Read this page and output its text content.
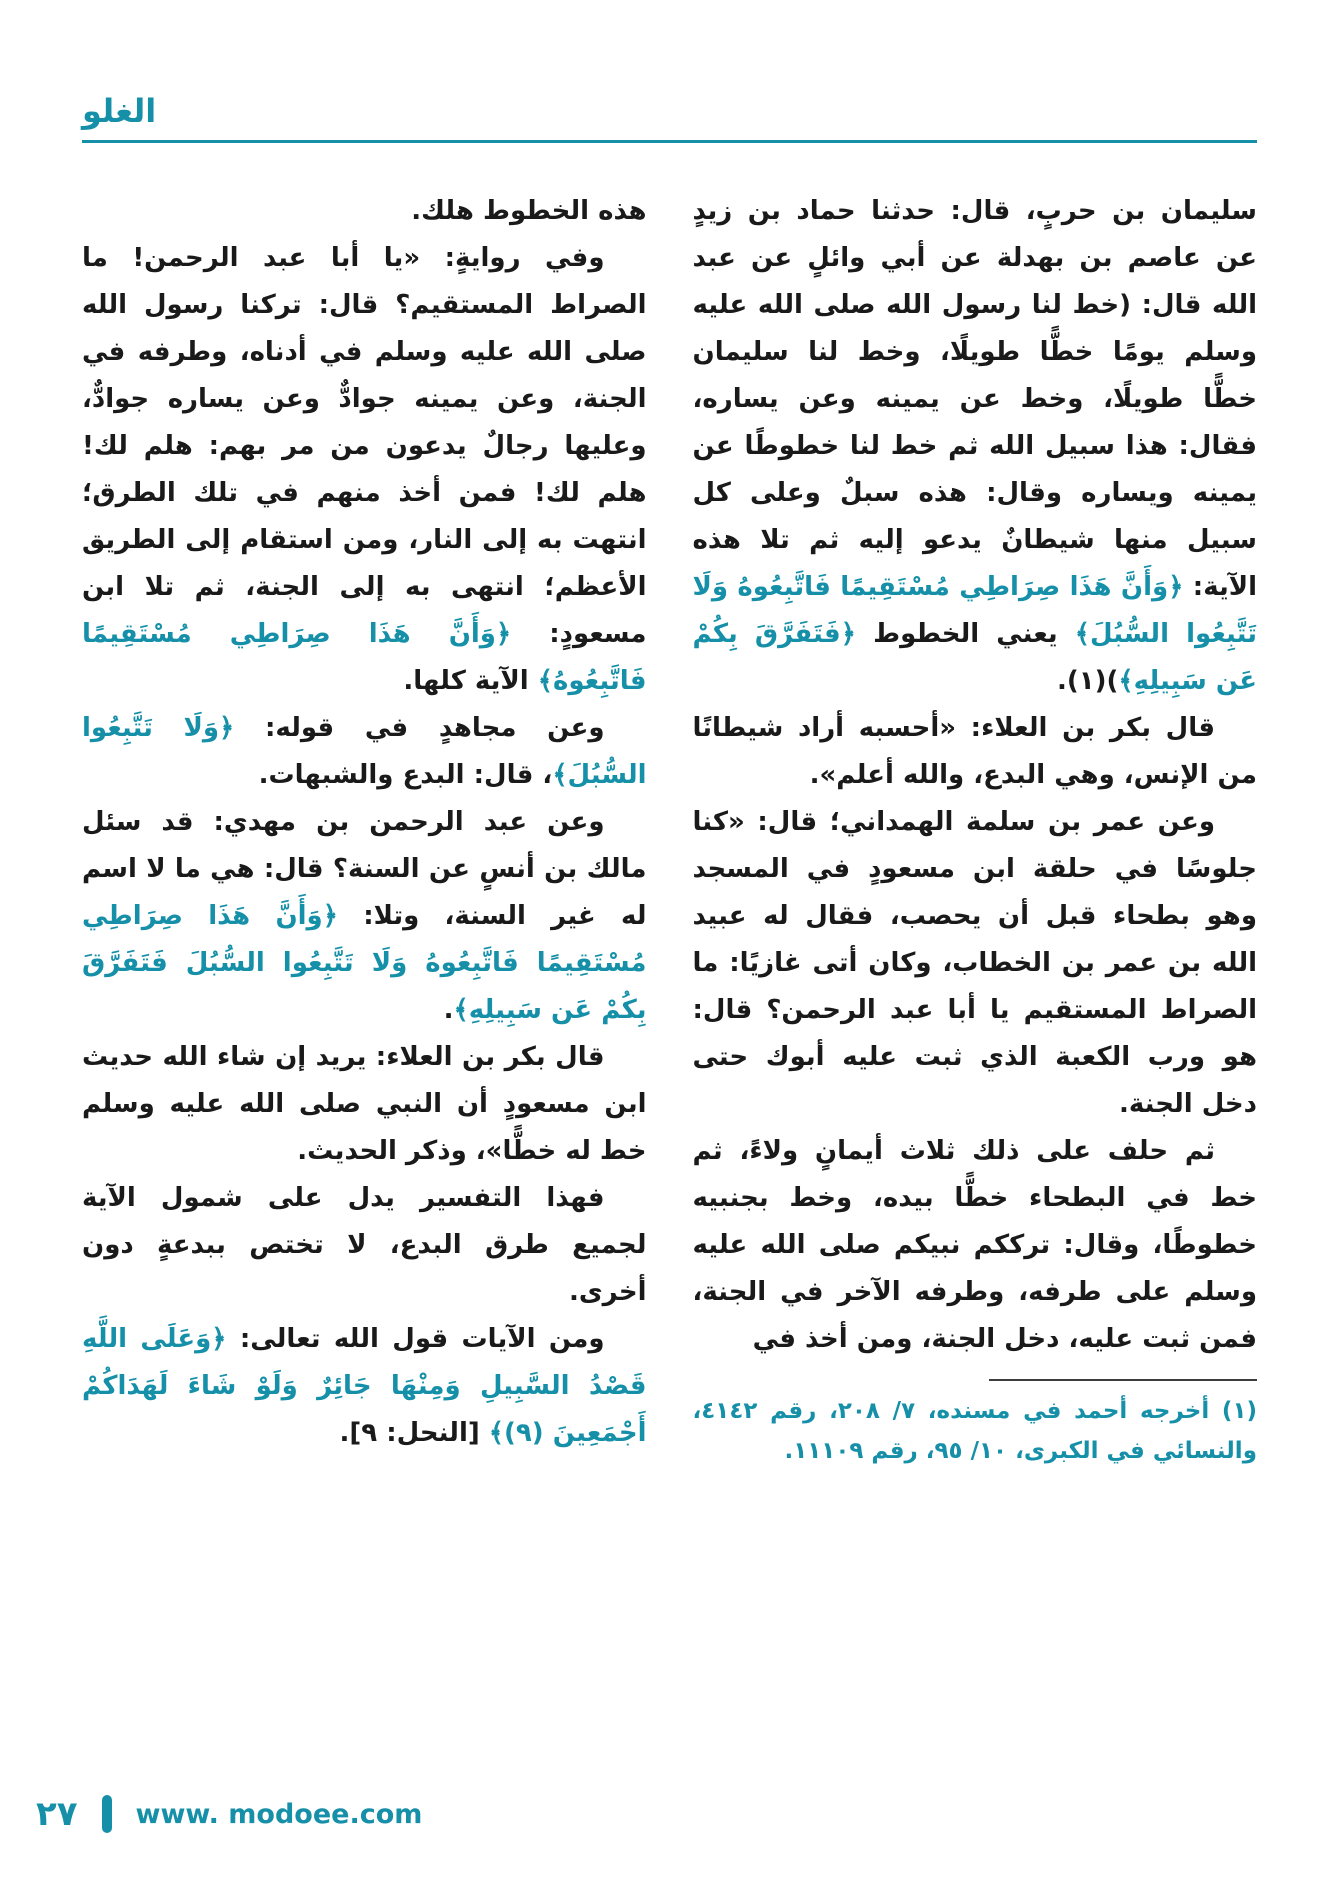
الغلو

سليمان بن حربٍ، قال: حدثنا حماد بن زيدٍ عن عاصم بن بهدلة عن أبي وائلٍ عن عبد الله قال: (خط لنا رسول الله صلى الله عليه وسلم يومًا خطًّا طويلًا، وخط لنا سليمان خطًّا طويلًا، وخط عن يمينه وعن يساره، فقال: هذا سبيل الله ثم خط لنا خطوطًا عن يمينه ويساره وقال: هذه سبلٌ وعلى كل سبيل منها شيطانٌ يدعو إليه ثم تلا هذه الآية: ﴿وَأَنَّ هَذَا صِرَاطِي مُسْتَقِيمًا فَاتَّبِعُوهُ وَلَا تَتَّبِعُوا السُّبُلَ﴾ يعني الخطوط ﴿فَتَفَرَّقَ بِكُمْ عَن سَبِيلِهِ﴾)(١).

قال بكر بن العلاء: «أحسبه أراد شيطانًا من الإنس، وهي البدع، والله أعلم».

وعن عمر بن سلمة الهمداني؛ قال: «كنا جلوسًا في حلقة ابن مسعودٍ في المسجد وهو بطحاء قبل أن يحصب، فقال له عبيد الله بن عمر بن الخطاب، وكان أتى غازيًا: ما الصراط المستقيم يا أبا عبد الرحمن؟ قال: هو ورب الكعبة الذي ثبت عليه أبوك حتى دخل الجنة.

ثم حلف على ذلك ثلاث أيمانٍ ولاءً، ثم خط في البطحاء خطًّا بيده، وخط بجنبيه خطوطًا، وقال: ترككم نبيكم صلى الله عليه وسلم على طرفه، وطرفه الآخر في الجنة، فمن ثبت عليه، دخل الجنة، ومن أخذ في

(١) أخرجه أحمد في مسنده، ٧/ ٢٠٨، رقم ٤١٤٢، والنسائي في الكبرى، ١٠/ ٩٥، رقم ١١١٠٩.

هذه الخطوط هلك.

وفي روايةٍ: «يا أبا عبد الرحمن! ما الصراط المستقيم؟ قال: تركنا رسول الله صلى الله عليه وسلم في أدناه، وطرفه في الجنة، وعن يمينه جوادٌّ وعن يساره جوادٌّ، وعليها رجالٌ يدعون من مر بهم: هلم لك! هلم لك! فمن أخذ منهم في تلك الطرق؛ انتهت به إلى النار، ومن استقام إلى الطريق الأعظم؛ انتهى به إلى الجنة، ثم تلا ابن مسعودٍ: ﴿وَأَنَّ هَذَا صِرَاطِي مُسْتَقِيمًا فَاتَّبِعُوهُ﴾ الآية كلها.

وعن مجاهدٍ في قوله: ﴿وَلَا تَتَّبِعُوا السُّبُلَ﴾، قال: البدع والشبهات.

وعن عبد الرحمن بن مهدي: قد سئل مالك بن أنسٍ عن السنة؟ قال: هي ما لا اسم له غير السنة، وتلا: ﴿وَأَنَّ هَذَا صِرَاطِي مُسْتَقِيمًا فَاتَّبِعُوهُ وَلَا تَتَّبِعُوا السُّبُلَ فَتَفَرَّقَ بِكُمْ عَن سَبِيلِهِ﴾.

قال بكر بن العلاء: يريد إن شاء الله حديث ابن مسعودٍ أن النبي صلى الله عليه وسلم خط له خطًّا»، وذكر الحديث.

فهذا التفسير يدل على شمول الآية لجميع طرق البدع، لا تختص ببدعةٍ دون أخرى.

ومن الآيات قول الله تعالى: ﴿وَعَلَى اللَّهِ قَصْدُ السَّبِيلِ وَمِنْهَا جَائِرٌ وَلَوْ شَاءَ لَهَدَاكُمْ أَجْمَعِينَ (٩)﴾ [النحل: ٩].

٢٧ www. modoee.com
